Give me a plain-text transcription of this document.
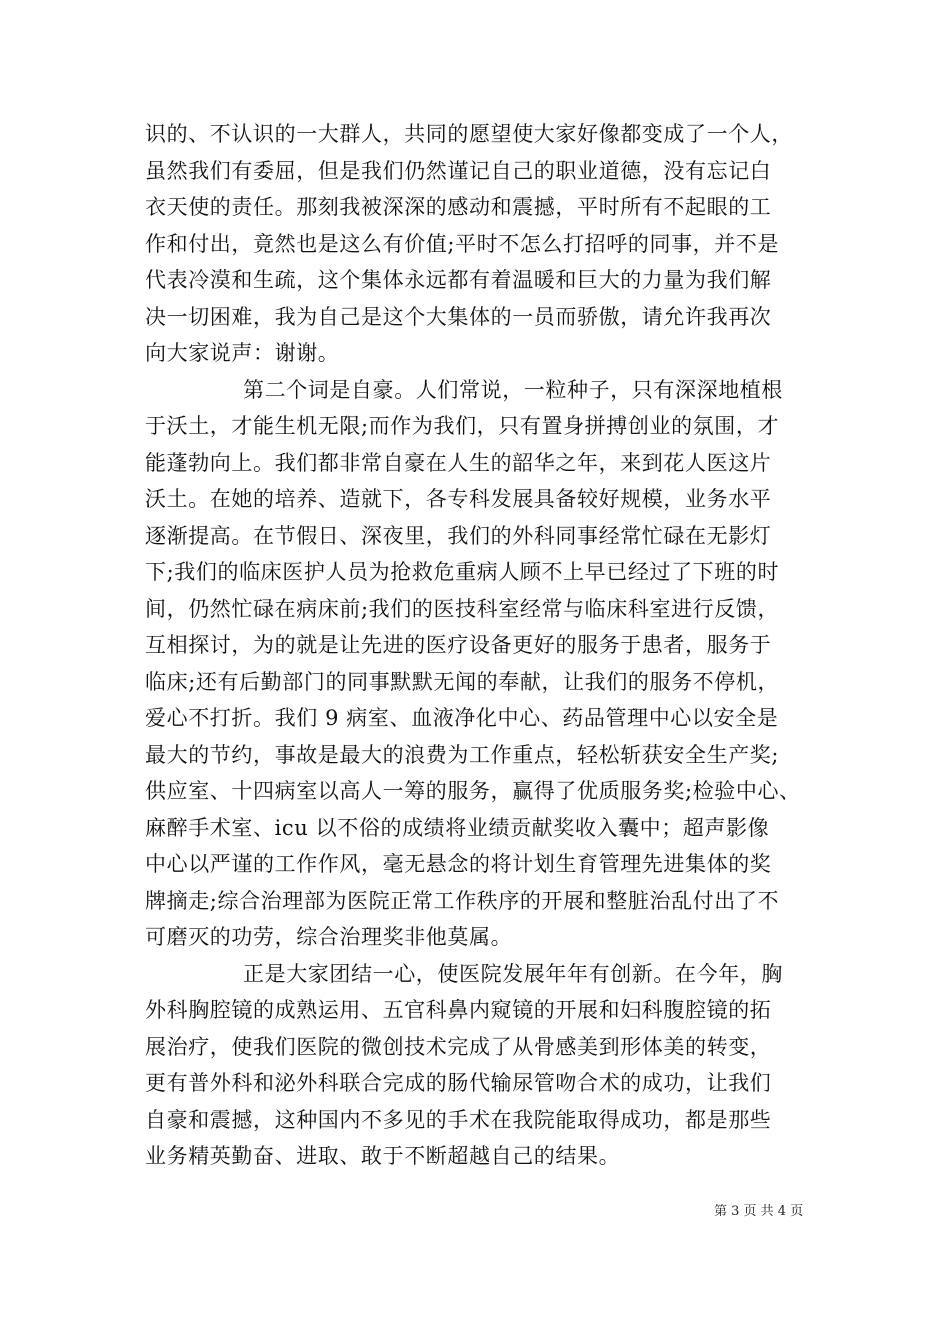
识的、不认识的一大群人，共同的愿望使大家好像都变成了一个人，
虽然我们有委屈，但是我们仍然谨记自己的职业道德，没有忘记白
衣天使的责任。那刻我被深深的感动和震撼，平时所有不起眼的工
作和付出，竟然也是这么有价值;平时不怎么打招呼的同事，并不是
代表冷漠和生疏，这个集体永远都有着温暖和巨大的力量为我们解
决一切困难，我为自己是这个大集体的一员而骄傲，请允许我再次
向大家说声：谢谢。
第二个词是自豪。人们常说，一粒种子，只有深深地植根
于沃土，才能生机无限;而作为我们，只有置身拼搏创业的氛围，才
能蓬勃向上。我们都非常自豪在人生的韶华之年，来到花人医这片
沃土。在她的培养、造就下，各专科发展具备较好规模，业务水平
逐渐提高。在节假日、深夜里，我们的外科同事经常忙碌在无影灯
下;我们的临床医护人员为抢救危重病人顾不上早已经过了下班的时
间，仍然忙碌在病床前;我们的医技科室经常与临床科室进行反馈，
互相探讨，为的就是让先进的医疗设备更好的服务于患者，服务于
临床;还有后勤部门的同事默默无闻的奉献，让我们的服务不停机，
爱心不打折。我们 9 病室、血液净化中心、药品管理中心以安全是
最大的节约，事故是最大的浪费为工作重点，轻松斩获安全生产奖;
供应室、十四病室以高人一筹的服务，赢得了优质服务奖;检验中心、
麻醉手术室、icu 以不俗的成绩将业绩贡献奖收入囊中；超声影像
中心以严谨的工作作风，毫无悬念的将计划生育管理先进集体的奖
牌摘走;综合治理部为医院正常工作秩序的开展和整脏治乱付出了不
可磨灭的功劳，综合治理奖非他莫属。
正是大家团结一心，使医院发展年年有创新。在今年，胸
外科胸腔镜的成熟运用、五官科鼻内窥镜的开展和妇科腹腔镜的拓
展治疗，使我们医院的微创技术完成了从骨感美到形体美的转变，
更有普外科和泌外科联合完成的肠代输尿管吻合术的成功，让我们
自豪和震撼，这种国内不多见的手术在我院能取得成功，都是那些
业务精英勤奋、进取、敢于不断超越自己的结果。
第 3 页 共 4 页
